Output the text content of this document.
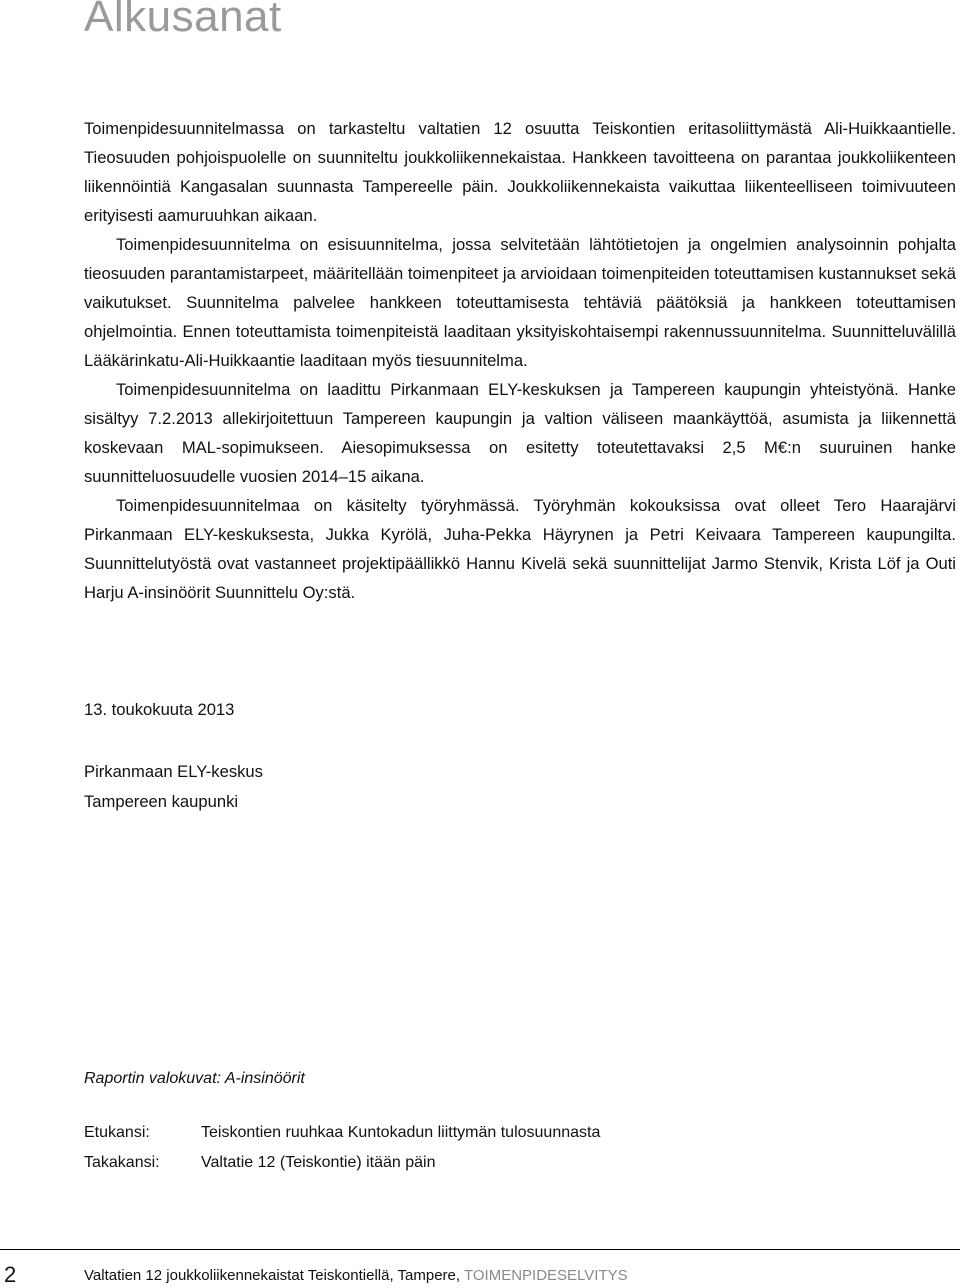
Alkusanat

Toimenpidesuunnitelmassa on tarkasteltu valtatien 12 osuutta Teiskontien eritasoliittymästä Ali-Huikkaantielle. Tieosuuden pohjoispuolelle on suunniteltu joukkoliikennekaistaa. Hankkeen tavoitteena on parantaa joukkoliikenteen liikennöintiä Kangasalan suunnasta Tampereelle päin. Joukkoliikennekaista vaikuttaa liikenteelliseen toimivuuteen erityisesti aamuruuhkan aikaan.

Toimenpidesuunnitelma on esisuunnitelma, jossa selvitetään lähtötietojen ja ongelmien analysoinnin pohjalta tieosuuden parantamistarpeet, määritellään toimenpiteet ja arvioidaan toimenpiteiden toteuttamisen kustannukset sekä vaikutukset. Suunnitelma palvelee hankkeen toteuttamisesta tehtäviä päätöksiä ja hankkeen toteuttamisen ohjelmointia. Ennen toteuttamista toimenpiteistä laaditaan yksityiskohtaisempi rakennussuunnitelma. Suunnitteluvälillä Lääkärinkatu-Ali-Huikkaantie laaditaan myös tiesuunnitelma.

Toimenpidesuunnitelma on laadittu Pirkanmaan ELY-keskuksen ja Tampereen kaupungin yhteistyönä. Hanke sisältyy 7.2.2013 allekirjoitettuun Tampereen kaupungin ja valtion väliseen maankäyttöä, asumista ja liikennettä koskevaan MAL-sopimukseen. Aiesopimuksessa on esitetty toteutettavaksi 2,5 M€:n suuruinen hanke suunnitteluosuudelle vuosien 2014–15 aikana.

Toimenpidesuunnitelmaa on käsitelty työryhmässä. Työryhmän kokouksissa ovat olleet Tero Haarajärvi Pirkanmaan ELY-keskuksesta, Jukka Kyrölä, Juha-Pekka Häyrynen ja Petri Keivaara Tampereen kaupungilta. Suunnittelutyöstä ovat vastanneet projektipäällikkö Hannu Kivelä sekä suunnittelijat Jarmo Stenvik, Krista Löf ja Outi Harju A-insinöörit Suunnittelu Oy:stä.

13. toukokuuta 2013
Pirkanmaan ELY-keskus
Tampereen kaupunki
Raportin valokuvat: A-insinöörit
Etukansi:	Teiskontien ruuhkaa Kuntokadun liittymän tulosuunnasta
Takakansi:	Valtatie 12 (Teiskontie) itään päin
2	Valtatien 12 joukkoliikennekaistat Teiskontiellä, Tampere, TOIMENPIDESELVITYS
